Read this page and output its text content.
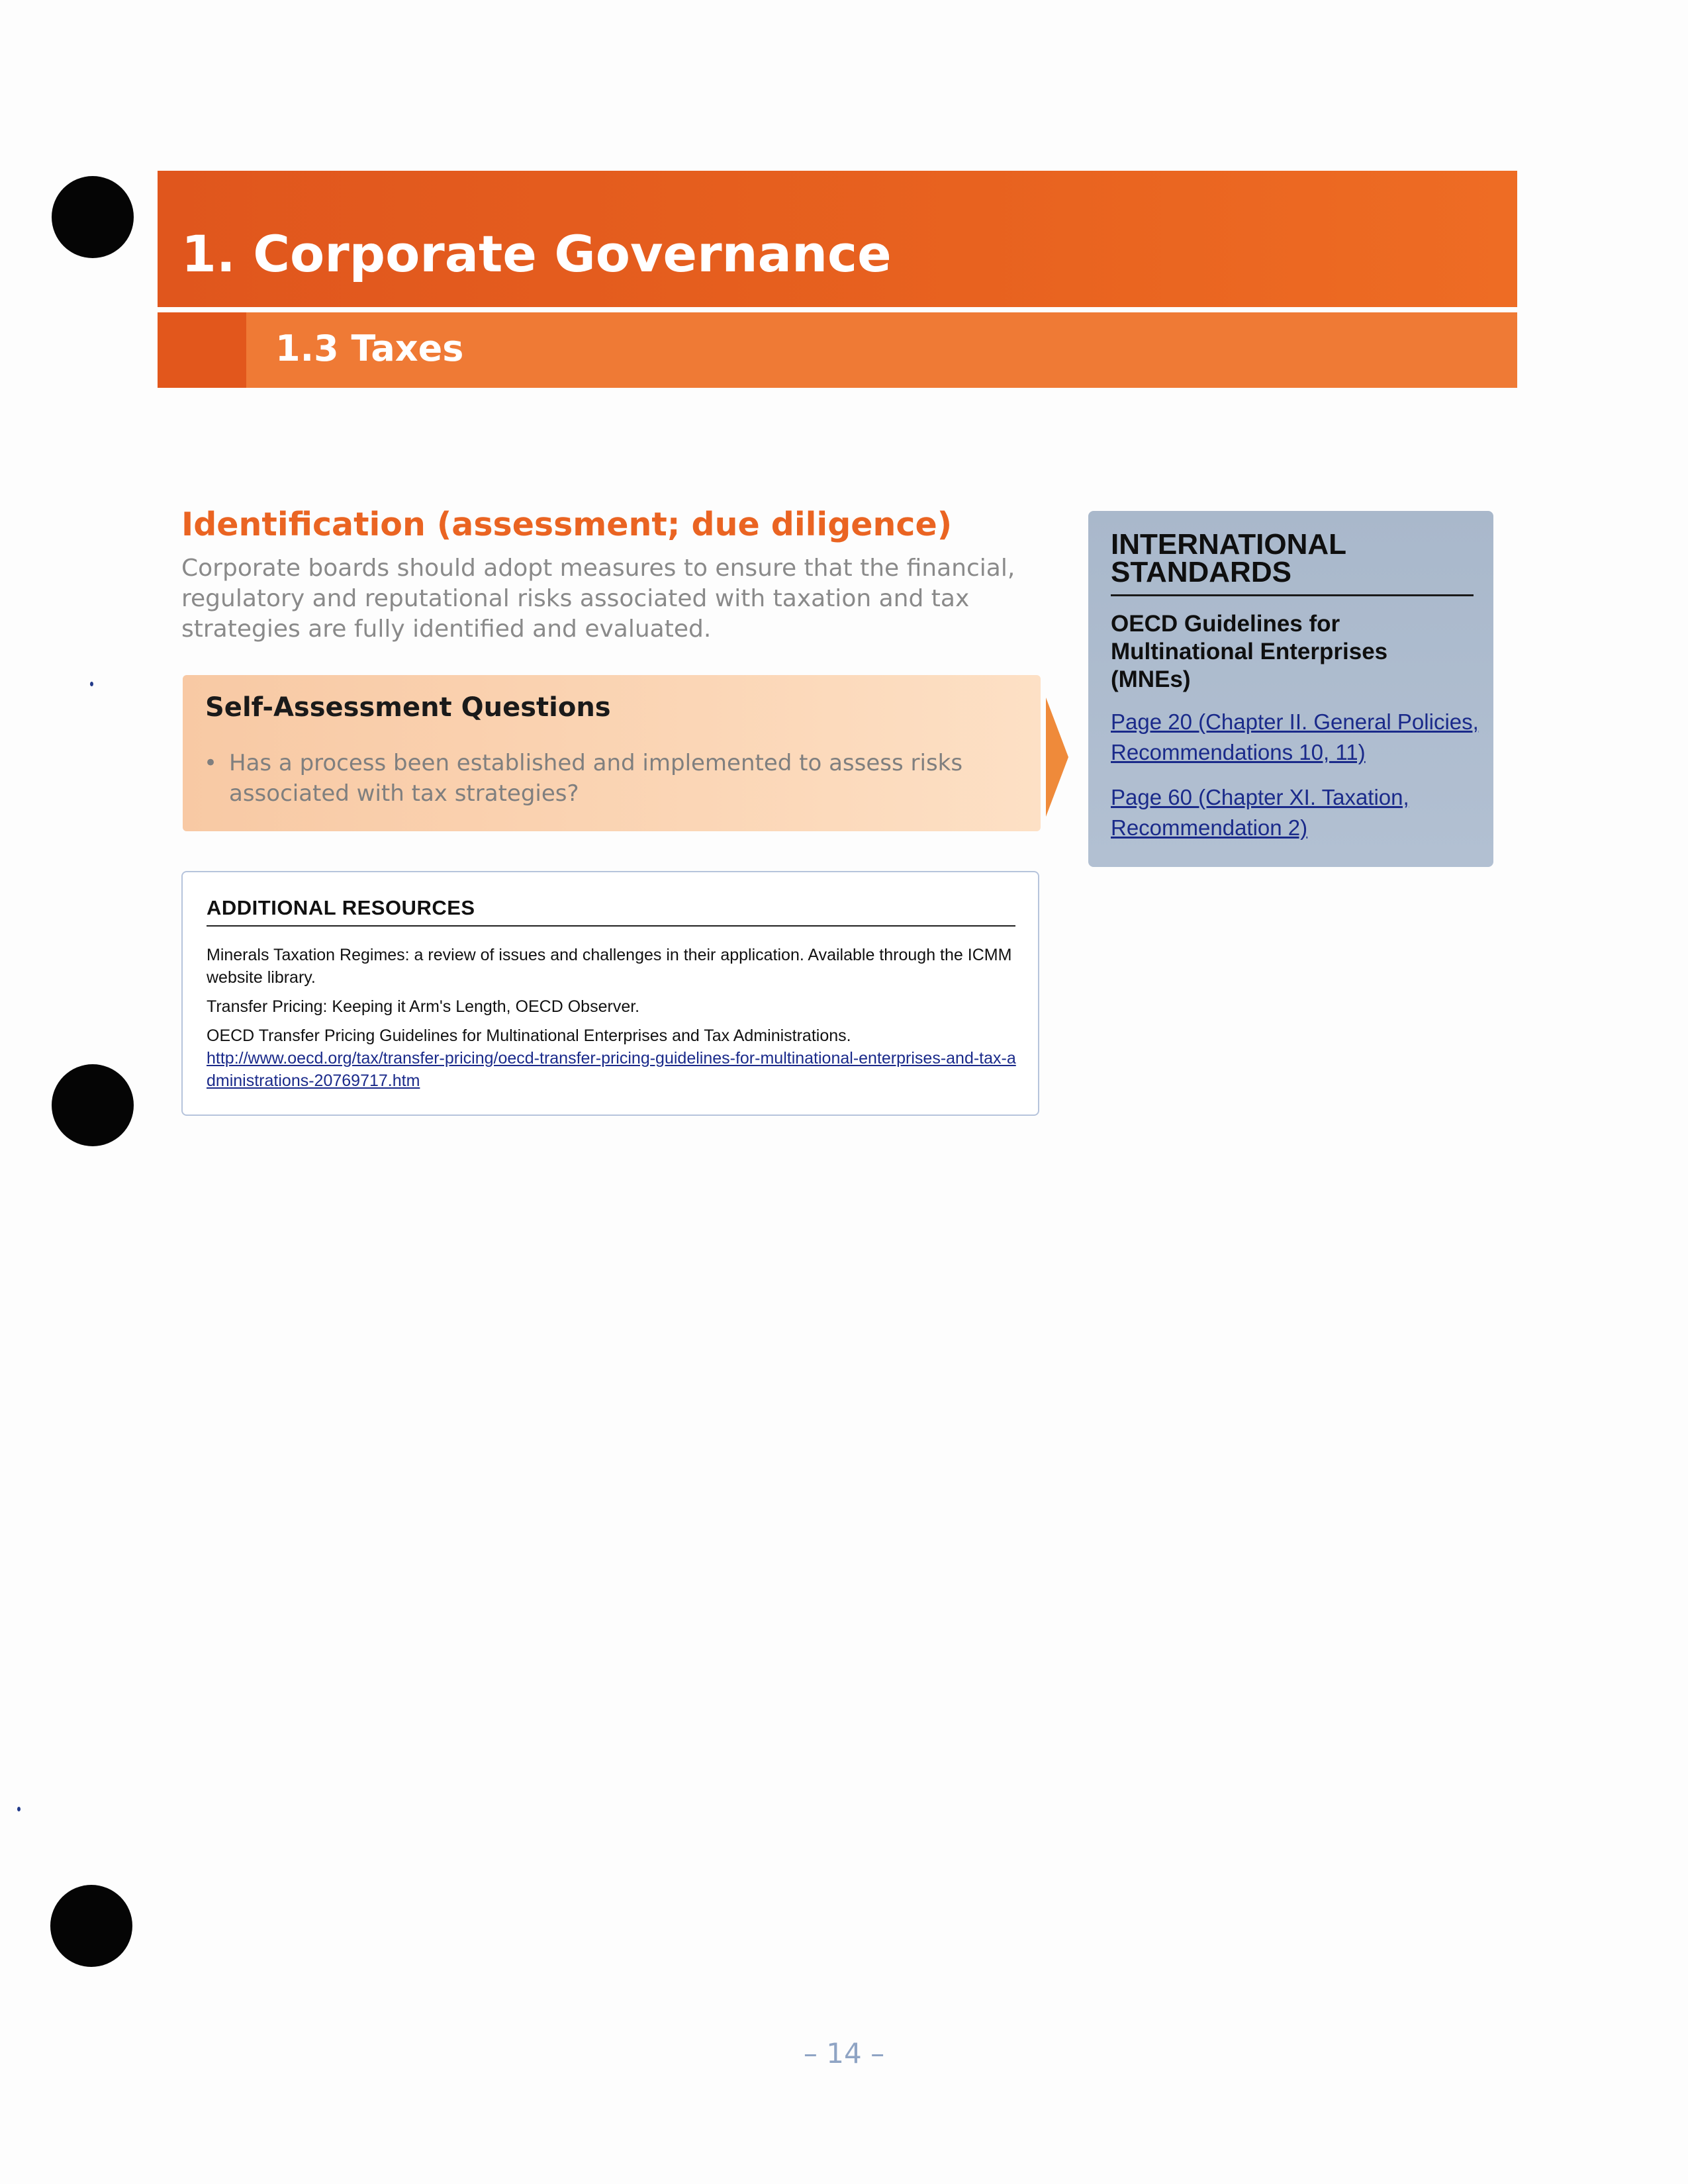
1. Corporate Governance
1.3 Taxes
Identification (assessment; due diligence)

Corporate boards should adopt measures to ensure that the financial, regulatory and reputational risks associated with taxation and tax strategies are fully identified and evaluated.

Self-Assessment Questions
• Has a process been established and implemented to assess risks associated with tax strategies?

ADDITIONAL RESOURCES

Minerals Taxation Regimes: a review of issues and challenges in their application. Available through the ICMM website library.

Transfer Pricing: Keeping it Arm's Length, OECD Observer.

OECD Transfer Pricing Guidelines for Multinational Enterprises and Tax Administrations.
http://www.oecd.org/tax/transfer-pricing/oecd-transfer-pricing-guidelines-for-multinational-enterprises-and-tax-administrations-20769717.htm
INTERNATIONAL STANDARDS

OECD Guidelines for Multinational Enterprises (MNEs)

Page 20 (Chapter II. General Policies, Recommendations 10, 11)
Page 60 (Chapter XI. Taxation, Recommendation 2)

– 14 –
